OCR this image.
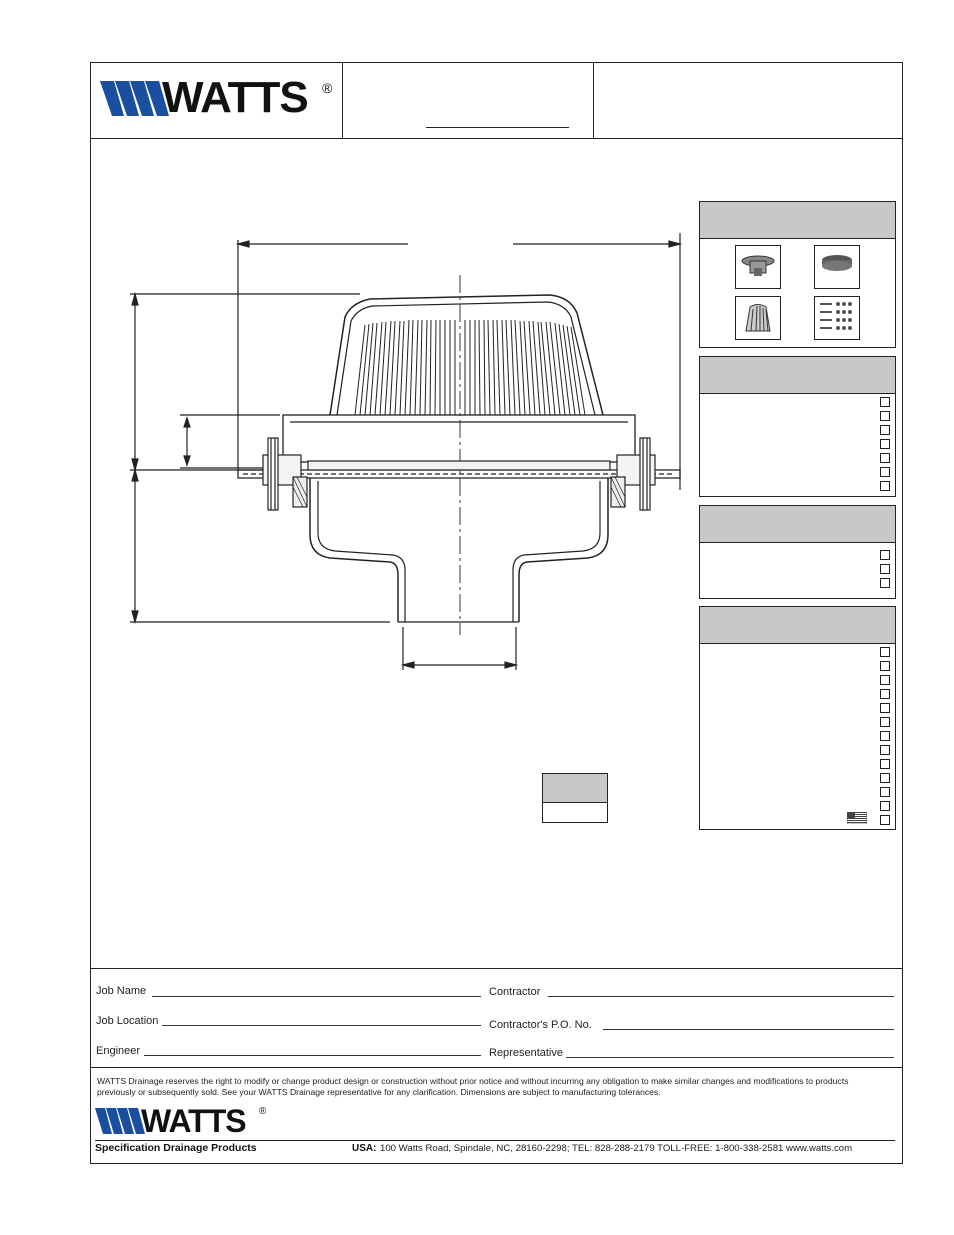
WATTS ®
Job Name
Job Location
Engineer
Contractor
Contractor's P.O. No.
Representative
WATTS Drainage reserves the right to modify or change product design or construction without prior notice and without incurring any obligation to make similar changes and modifications to products
previously or subsequently sold. See your WATTS Drainage representative for any clarification. Dimensions are subject to manufacturing tolerances.
WATTS ®
Specification Drainage Products	USA: 100 Watts Road, Spindale, NC, 28160-2298; TEL: 828-288-2179 TOLL-FREE: 1-800-338-2581 www.watts.com
